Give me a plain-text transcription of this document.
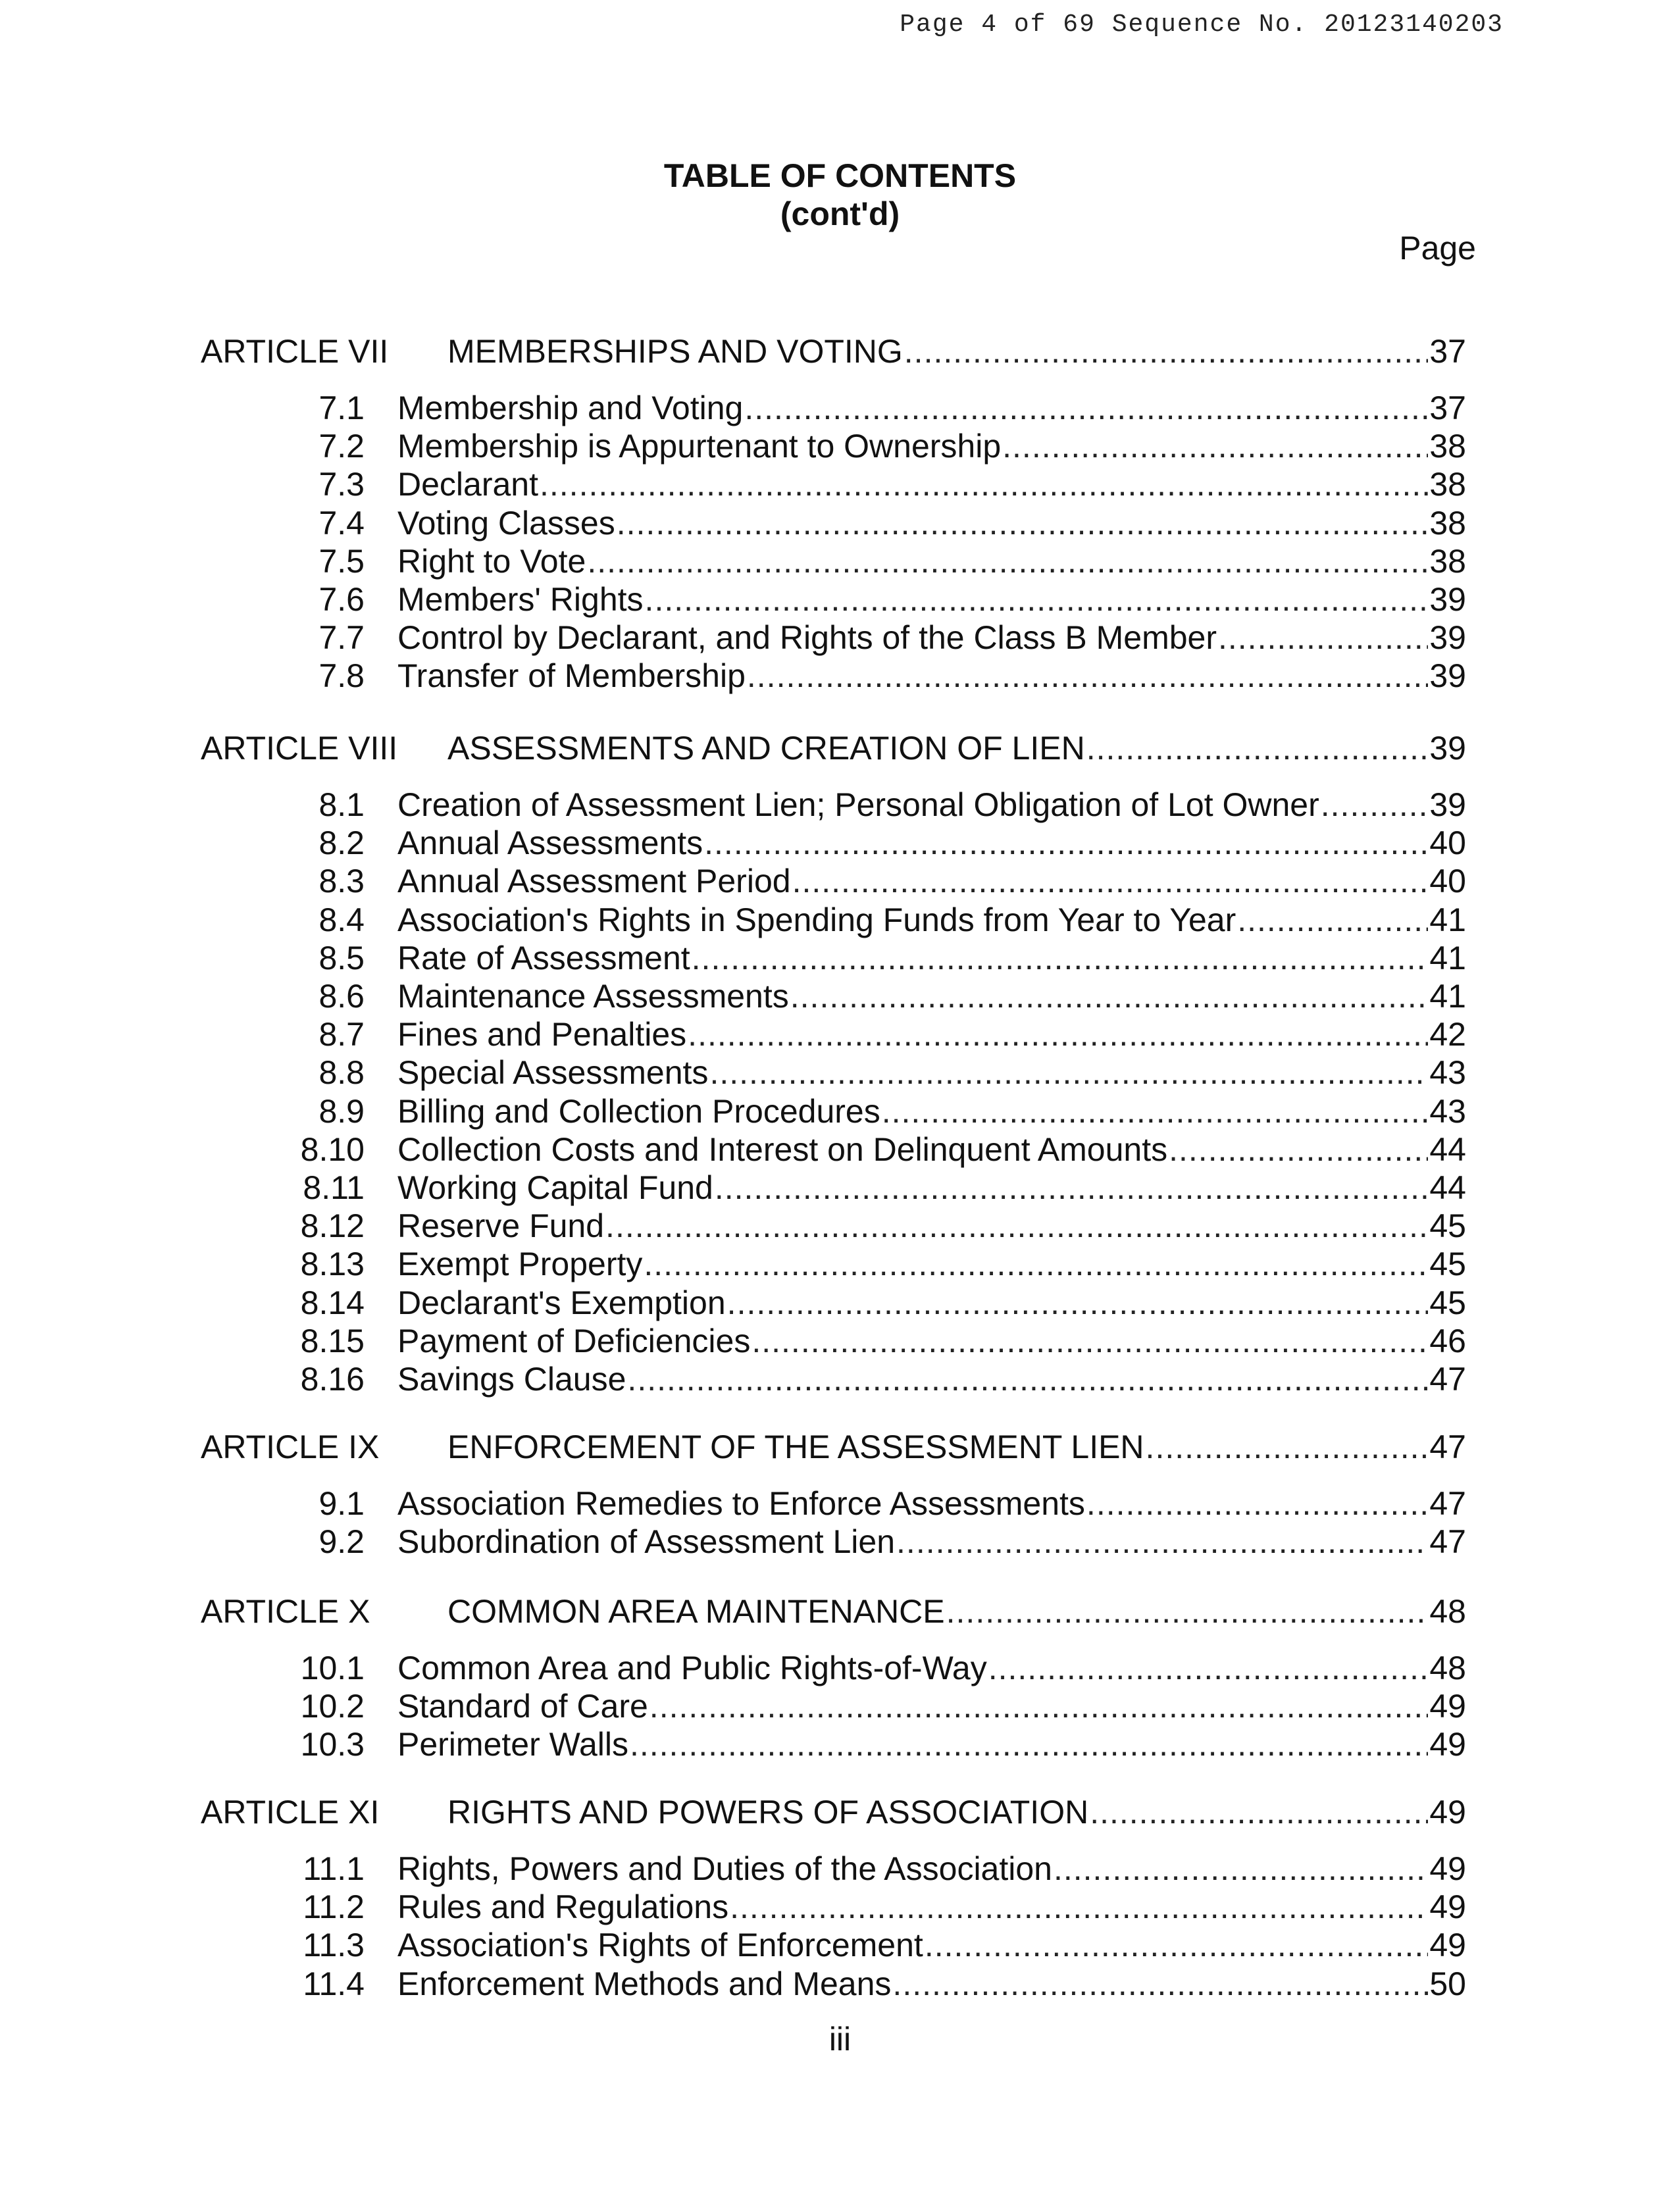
Page 4 of 69 Sequence No. 20123140203
TABLE OF CONTENTS
(cont'd)
Page
ARTICLE VII MEMBERSHIPS AND VOTING .....	37
7.1 Membership and Voting .....	37
7.2 Membership is Appurtenant to Ownership .....	38
7.3 Declarant .....	38
7.4 Voting Classes .....	38
7.5 Right to Vote .....	38
7.6 Members' Rights .....	39
7.7 Control by Declarant, and Rights of the Class B Member .....	39
7.8 Transfer of Membership .....	39
ARTICLE VIII ASSESSMENTS AND CREATION OF LIEN .....	39
8.1 Creation of Assessment Lien; Personal Obligation of Lot Owner .....	39
8.2 Annual Assessments .....	40
8.3 Annual Assessment Period .....	40
8.4 Association's Rights in Spending Funds from Year to Year .....	41
8.5 Rate of Assessment .....	41
8.6 Maintenance Assessments .....	41
8.7 Fines and Penalties .....	42
8.8 Special Assessments .....	43
8.9 Billing and Collection Procedures .....	43
8.10 Collection Costs and Interest on Delinquent Amounts .....	44
8.11 Working Capital Fund .....	44
8.12 Reserve Fund .....	45
8.13 Exempt Property .....	45
8.14 Declarant's Exemption .....	45
8.15 Payment of Deficiencies .....	46
8.16 Savings Clause .....	47
ARTICLE IX ENFORCEMENT OF THE ASSESSMENT LIEN .....	47
9.1 Association Remedies to Enforce Assessments .....	47
9.2 Subordination of Assessment Lien .....	47
ARTICLE X COMMON AREA MAINTENANCE .....	48
10.1 Common Area and Public Rights-of-Way .....	48
10.2 Standard of Care .....	49
10.3 Perimeter Walls .....	49
ARTICLE XI RIGHTS AND POWERS OF ASSOCIATION .....	49
11.1 Rights, Powers and Duties of the Association .....	49
11.2 Rules and Regulations .....	49
11.3 Association's Rights of Enforcement .....	49
11.4 Enforcement Methods and Means .....	50
iii
